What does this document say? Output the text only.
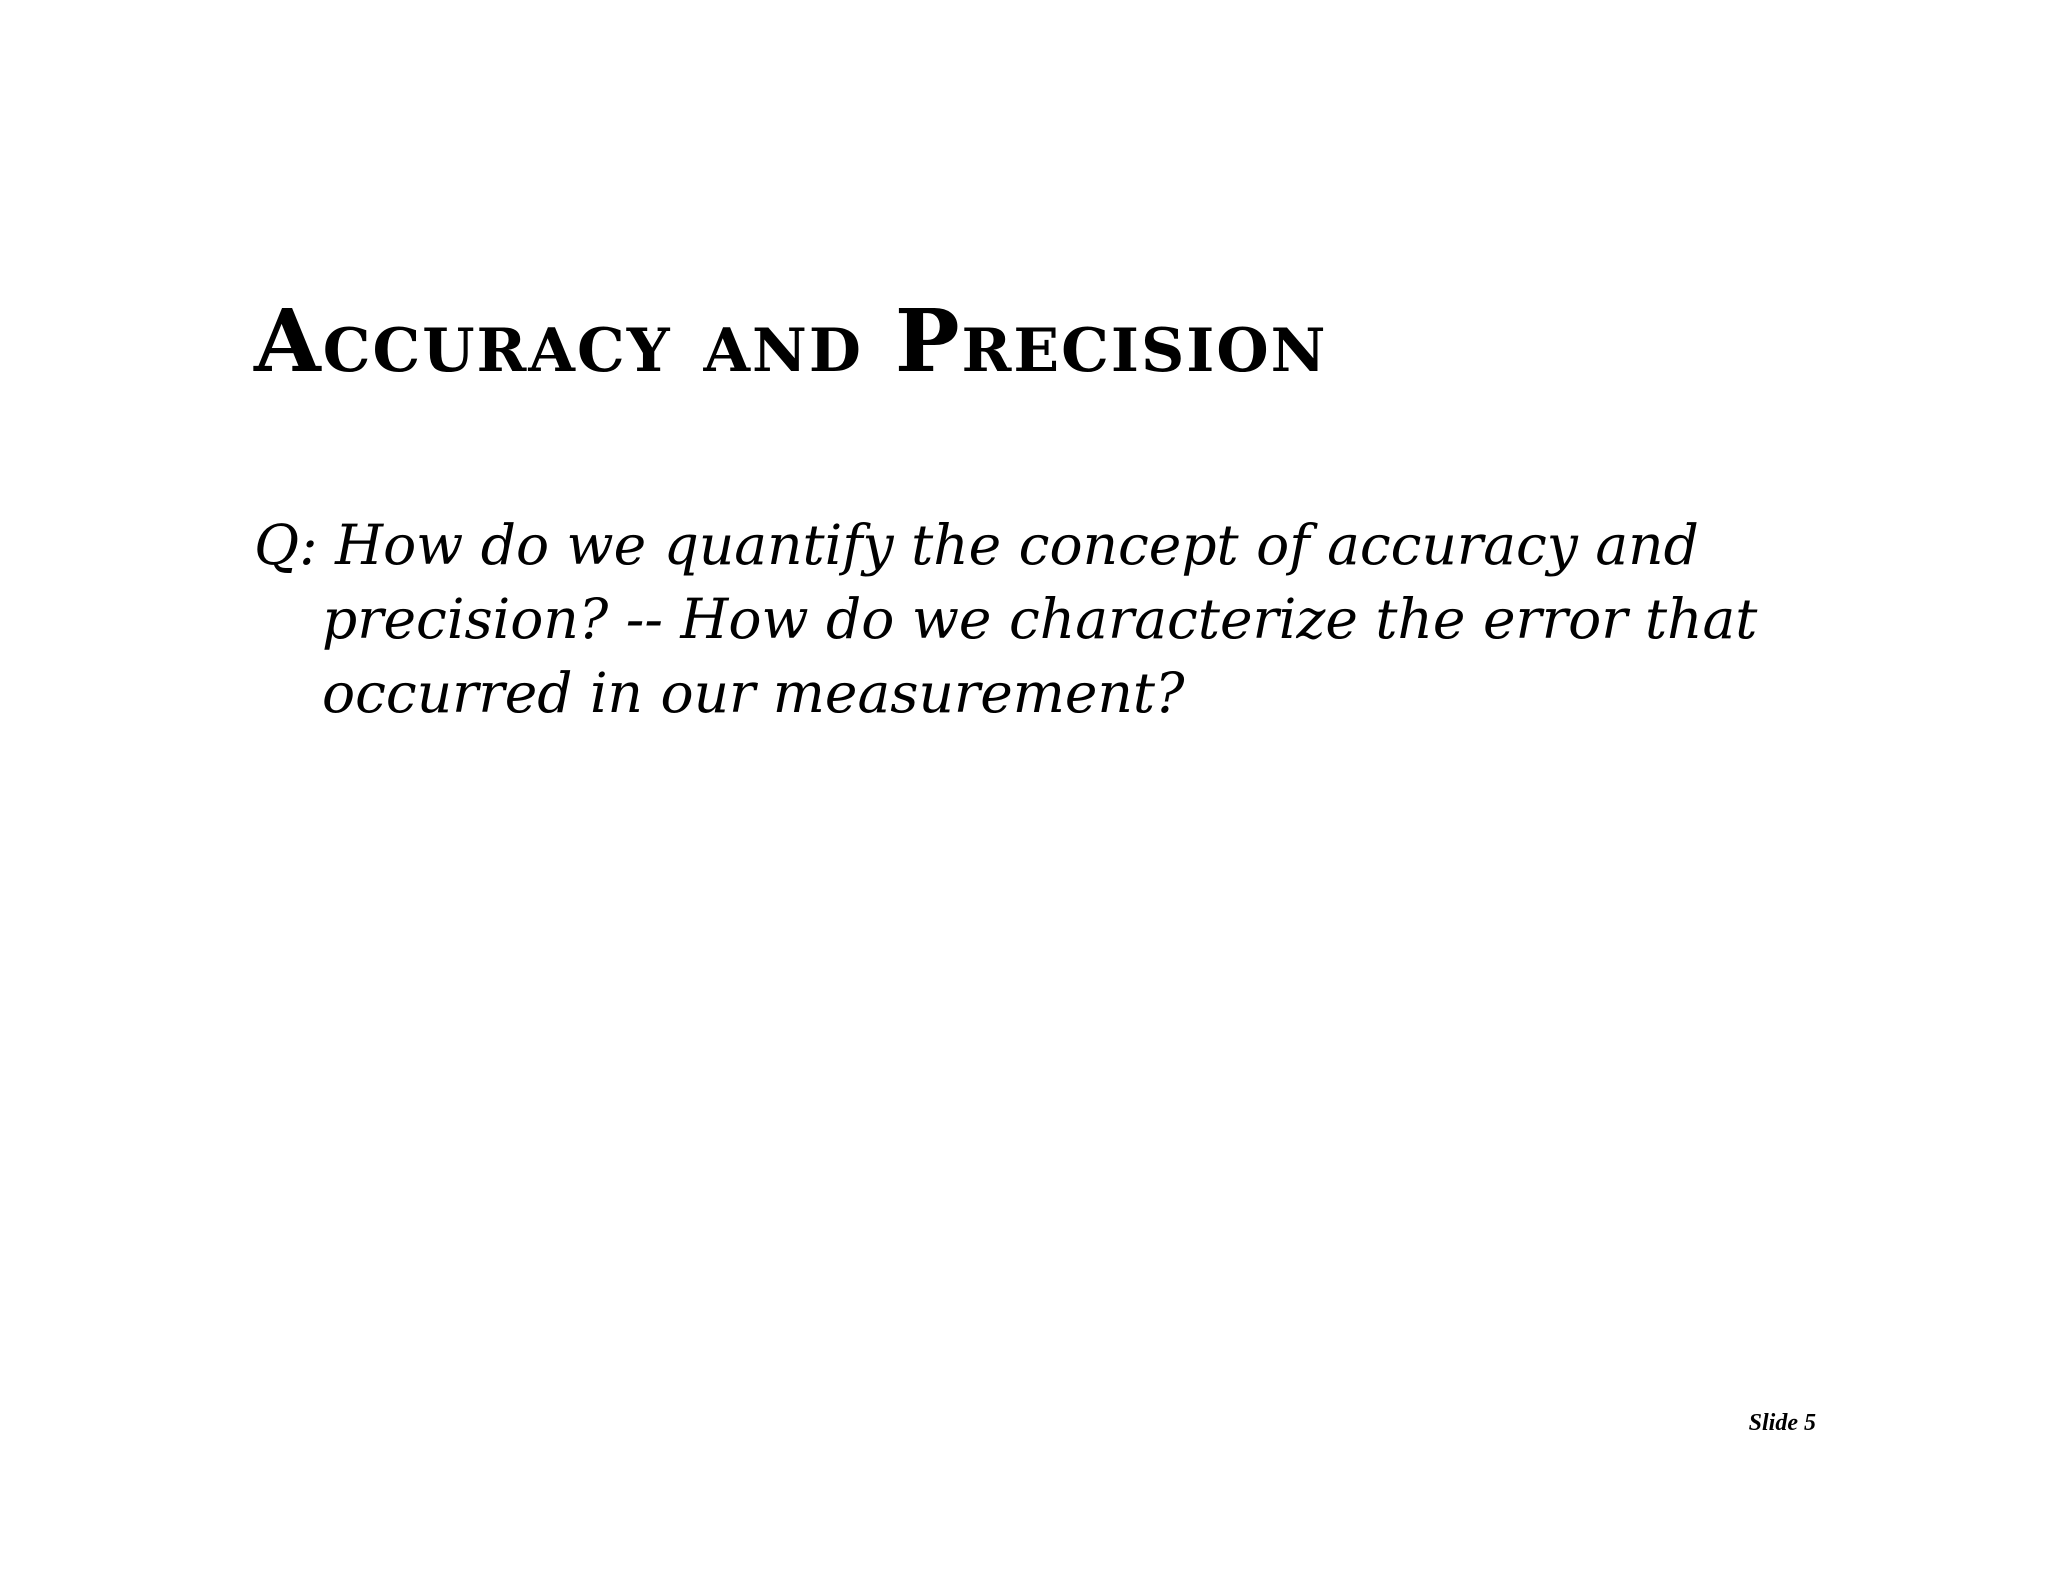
Accuracy and Precision

Q: How do we quantify the concept of accuracy and precision? -- How do we characterize the error that occurred in our measurement?

Slide 5
